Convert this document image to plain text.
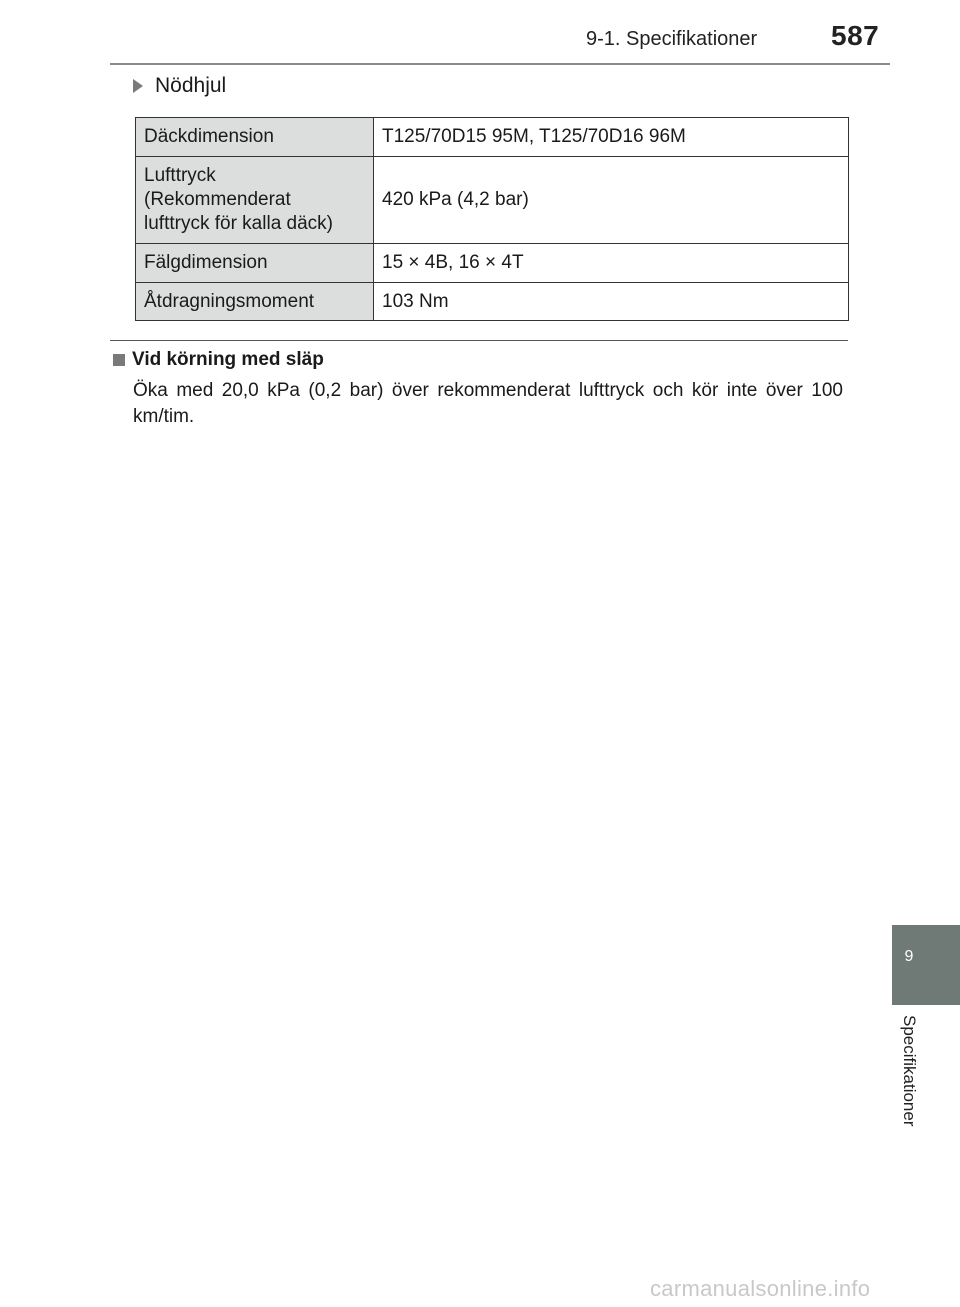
9-1. Specifikationer	587
Nödhjul
Däckdimension	T125/70D15 95M, T125/70D16 96M
Lufttryck
(Rekommenderat
lufttryck för kalla däck)	420 kPa (4,2 bar)
Fälgdimension	15 × 4B, 16 × 4T
Åtdragningsmoment	103 Nm
Vid körning med släp
Öka med 20,0 kPa (0,2 bar) över rekommenderat lufttryck och kör inte över 100 km/tim.
9
Specifikationer
carmanualsonline.info
